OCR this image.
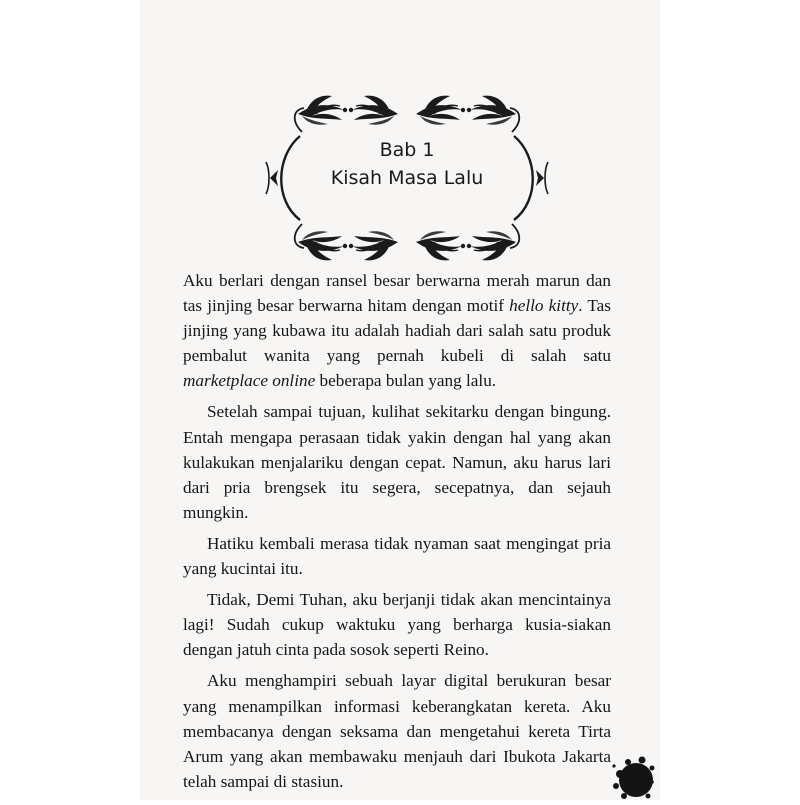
Bab 1
Kisah Masa Lalu

Aku berlari dengan ransel besar berwarna merah marun dan tas jinjing besar berwarna hitam dengan motif hello kitty. Tas jinjing yang kubawa itu adalah hadiah dari salah satu produk pembalut wanita yang pernah kubeli di salah satu marketplace online beberapa bulan yang lalu.

Setelah sampai tujuan, kulihat sekitarku dengan bingung. Entah mengapa perasaan tidak yakin dengan hal yang akan kulakukan menjalariku dengan cepat. Namun, aku harus lari dari pria brengsek itu segera, secepatnya, dan sejauh mungkin.

Hatiku kembali merasa tidak nyaman saat mengingat pria yang kucintai itu.

Tidak, Demi Tuhan, aku berjanji tidak akan mencintainya lagi! Sudah cukup waktuku yang berharga kusia-siakan dengan jatuh cinta pada sosok seperti Reino.

Aku menghampiri sebuah layar digital berukuran besar yang menampilkan informasi keberangkatan kereta. Aku membacanya dengan seksama dan mengetahui kereta Tirta Arum yang akan membawaku menjauh dari Ibukota Jakarta telah sampai di stasiun.
